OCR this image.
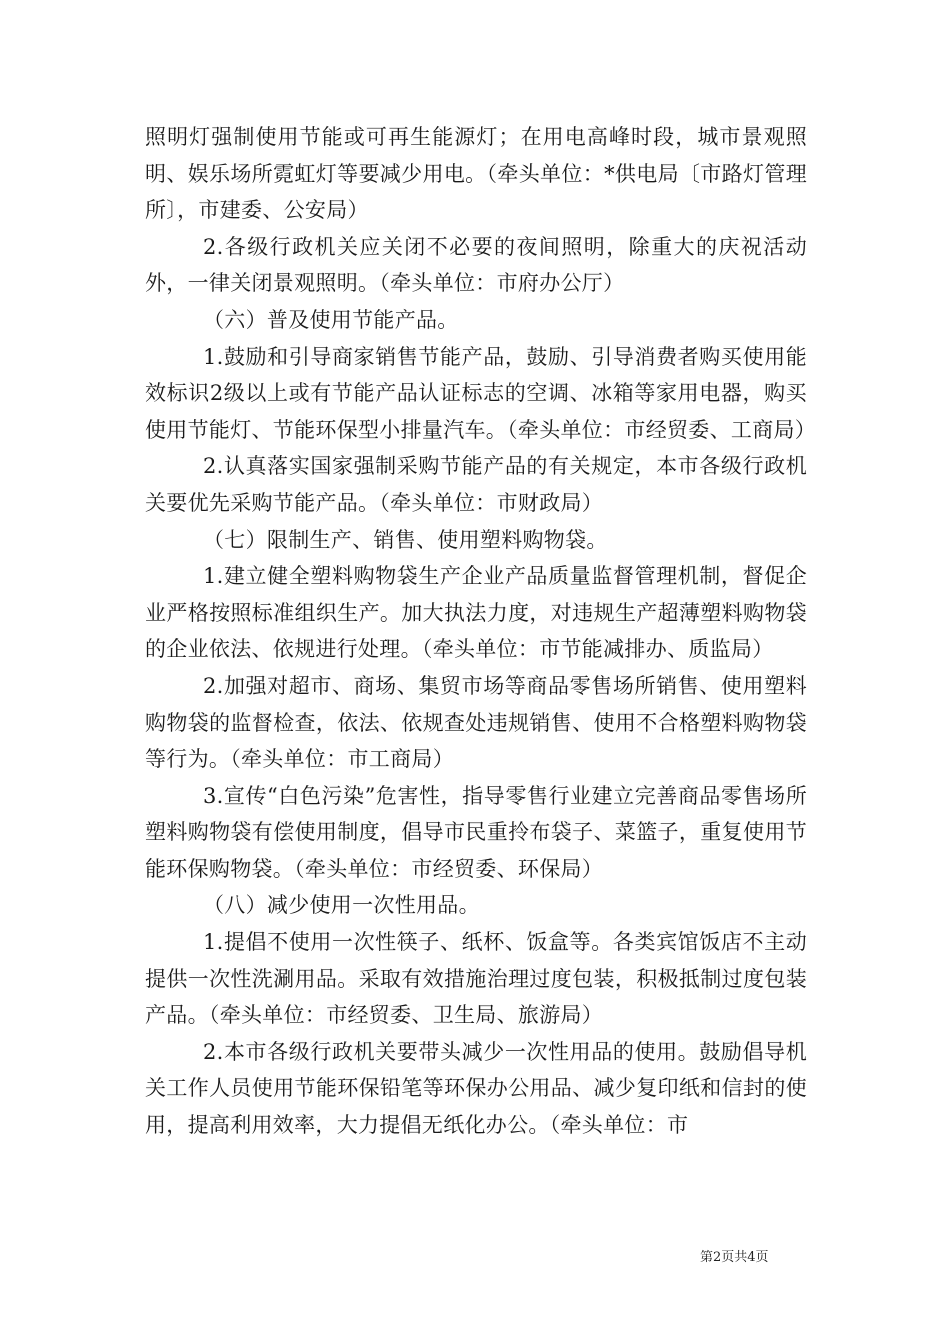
照明灯强制使用节能或可再生能源灯；在用电高峰时段，城市景观照明、娱乐场所霓虹灯等要减少用电。（牵头单位：*供电局〔市路灯管理所〕，市建委、公安局）

2.各级行政机关应关闭不必要的夜间照明，除重大的庆祝活动外，一律关闭景观照明。（牵头单位：市府办公厅）

（六）普及使用节能产品。

1.鼓励和引导商家销售节能产品，鼓励、引导消费者购买使用能效标识2级以上或有节能产品认证标志的空调、冰箱等家用电器，购买使用节能灯、节能环保型小排量汽车。（牵头单位：市经贸委、工商局）

2.认真落实国家强制采购节能产品的有关规定，本市各级行政机关要优先采购节能产品。（牵头单位：市财政局）

（七）限制生产、销售、使用塑料购物袋。

1.建立健全塑料购物袋生产企业产品质量监督管理机制，督促企业严格按照标准组织生产。加大执法力度，对违规生产超薄塑料购物袋的企业依法、依规进行处理。（牵头单位：市节能减排办、质监局）

2.加强对超市、商场、集贸市场等商品零售场所销售、使用塑料购物袋的监督检查，依法、依规查处违规销售、使用不合格塑料购物袋等行为。（牵头单位：市工商局）

3.宣传“白色污染”危害性，指导零售行业建立完善商品零售场所塑料购物袋有偿使用制度，倡导市民重拎布袋子、菜篮子，重复使用节能环保购物袋。（牵头单位：市经贸委、环保局）

（八）减少使用一次性用品。

1.提倡不使用一次性筷子、纸杯、饭盒等。各类宾馆饭店不主动提供一次性洗涮用品。采取有效措施治理过度包装，积极抵制过度包装产品。（牵头单位：市经贸委、卫生局、旅游局）

2.本市各级行政机关要带头减少一次性用品的使用。鼓励倡导机关工作人员使用节能环保铅笔等环保办公用品、减少复印纸和信封的使用，提高利用效率，大力提倡无纸化办公。（牵头单位：市

第2页共4页
